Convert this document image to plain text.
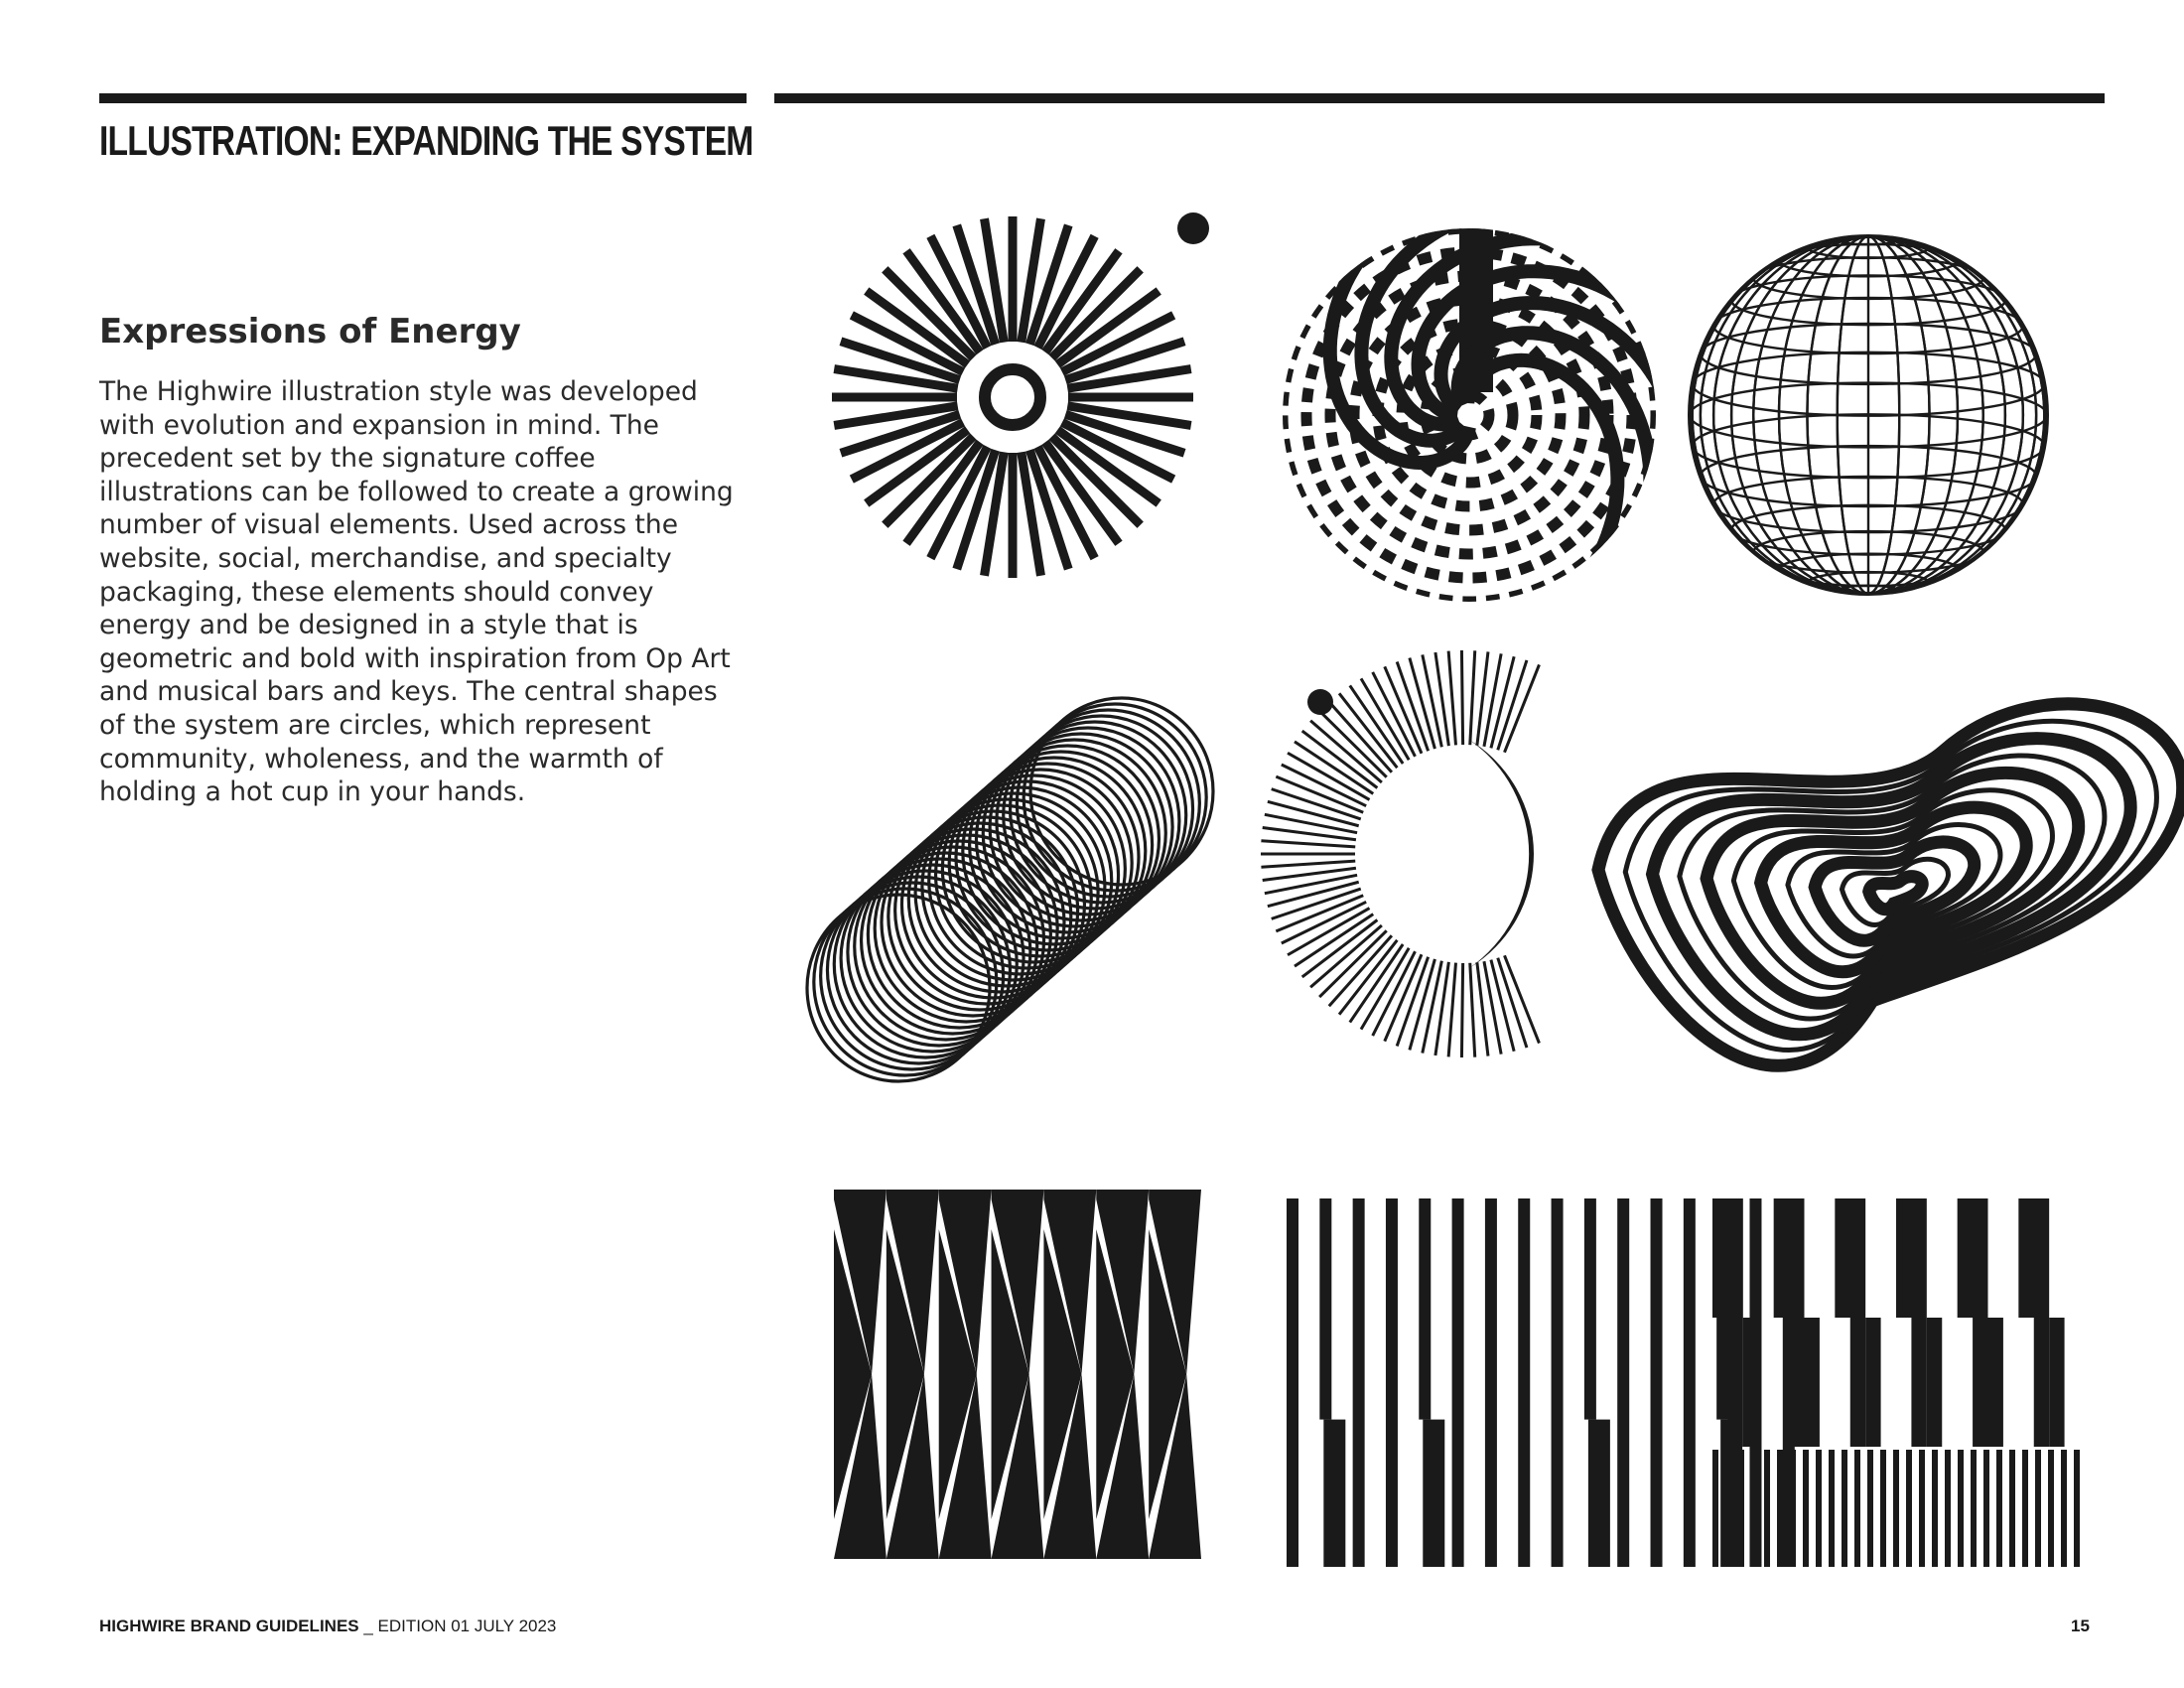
ILLUSTRATION: EXPANDING THE SYSTEM
Expressions of Energy

The Highwire illustration style was developed with evolution and expansion in mind. The precedent set by the signature coffee illustrations can be followed to create a growing number of visual elements. Used across the website, social, merchandise, and specialty packaging, these elements should convey energy and be designed in a style that is geometric and bold with inspiration from Op Art and musical bars and keys. The central shapes of the system are circles, which represent community, wholeness, and the warmth of holding a hot cup in your hands.

HIGHWIRE BRAND GUIDELINES _ EDITION 01 JULY 2023	15
